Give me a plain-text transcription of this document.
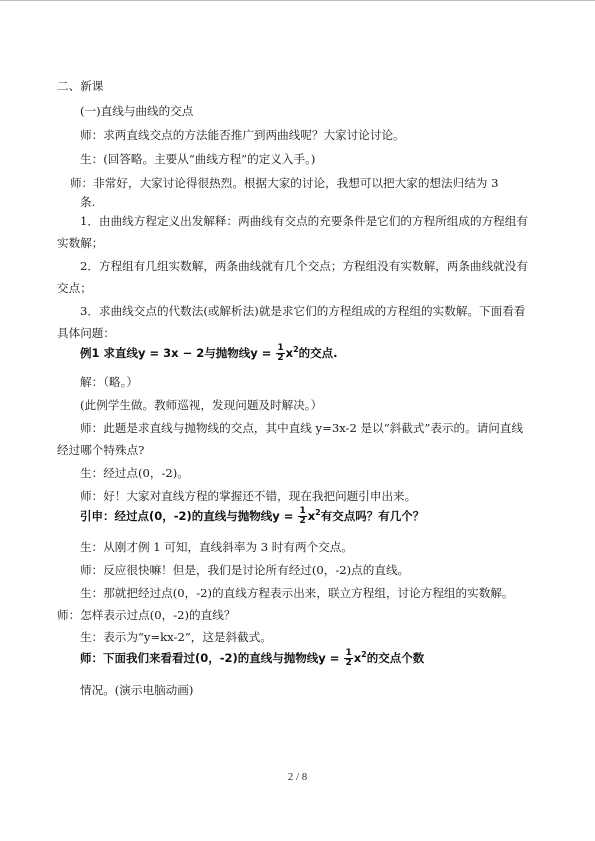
二、新课
(一)直线与曲线的交点
师：求两直线交点的方法能否推广到两曲线呢？大家讨论讨论。
生：(回答略。主要从“曲线方程”的定义入手。)
师：非常好，大家讨论得很热烈。根据大家的讨论，我想可以把大家的想法归结为 3
条.
1．由曲线方程定义出发解释：两曲线有交点的充要条件是它们的方程所组成的方程组有
实数解；
2．方程组有几组实数解，两条曲线就有几个交点；方程组没有实数解，两条曲线就没有
交点；
3．求曲线交点的代数法(或解析法)就是求它们的方程组成的方程组的实数解。下面看看
具体问题：
例1 求直线y = 3x − 2与抛物线$y = \frac{1}{2} x^2$的交点.
解：（略。）
(此例学生做。教师巡视，发现问题及时解决。）
师：此题是求直线与抛物线的交点，其中直线 y=3x-2 是以“斜截式”表示的。请问直线
经过哪个特殊点?
生：经过点(0，-2)。
师：好！大家对直线方程的掌握还不错，现在我把问题引申出来。
引申：经过点(0，-2)的直线与抛物线$y = \frac{1}{2} x^2$有交点吗？有几个？
生：从刚才例 1 可知，直线斜率为 3 时有两个交点。
师：反应很快嘛！但是，我们是讨论所有经过(0，-2)点的直线。
生：那就把经过点(0，-2)的直线方程表示出来，联立方程组，讨论方程组的实数解。
师：怎样表示过点(0，-2)的直线？
生：表示为“y=kx-2”，这是斜截式。
师：下面我们来看看过(0，-2)的直线与抛物线$y = \frac{1}{2} x^2$的交点个数
情况。(演示电脑动画)
2 / 8
